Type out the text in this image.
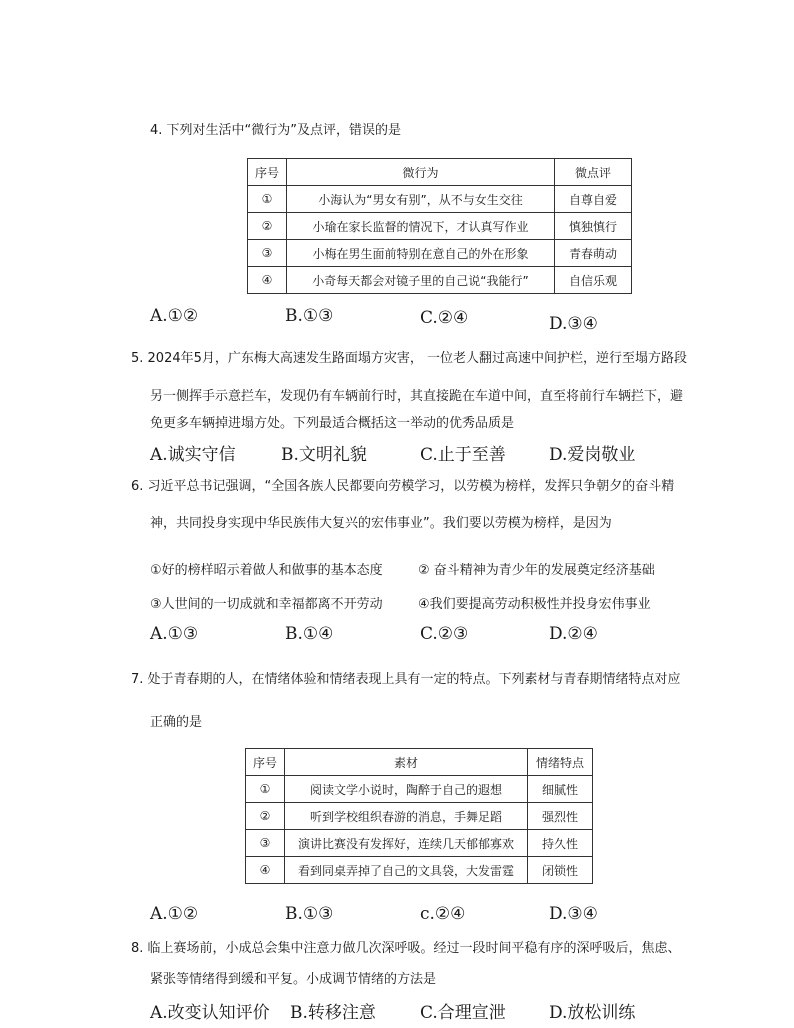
4. 下列对生活中“微行为”及点评，错误的是
序号	微行为	微点评
①	小海认为“男女有别”，从不与女生交往	自尊自爱
②	小瑜在家长监督的情况下，才认真写作业	慎独慎行
③	小梅在男生面前特别在意自己的外在形象	青春萌动
④	小奇每天都会对镜子里的自己说“我能行”	自信乐观
A.①②	B.①③	C.②④	D.③④
5. 2024年5月，广东梅大高速发生路面塌方灾害， 一位老人翻过高速中间护栏，逆行至塌方路段
另一侧挥手示意拦车，发现仍有车辆前行时，其直接跪在车道中间，直至将前行车辆拦下，避
免更多车辆掉进塌方处。下列最适合概括这一举动的优秀品质是
A.诚实守信	B.文明礼貌	C.止于至善	D.爱岗敬业
6. 习近平总书记强调，“全国各族人民都要向劳模学习，以劳模为榜样，发挥只争朝夕的奋斗精
神，共同投身实现中华民族伟大复兴的宏伟事业”。我们要以劳模为榜样，是因为
①好的榜样昭示着做人和做事的基本态度	② 奋斗精神为青少年的发展奠定经济基础
③人世间的一切成就和幸福都离不开劳动	④我们要提高劳动积极性并投身宏伟事业
A.①③	B.①④	C.②③	D.②④
7. 处于青春期的人，在情绪体验和情绪表现上具有一定的特点。下列素材与青春期情绪特点对应
正确的是
序号	素材	情绪特点
①	阅读文学小说时，陶醉于自己的遐想	细腻性
②	听到学校组织春游的消息，手舞足蹈	强烈性
③	演讲比赛没有发挥好，连续几天郁郁寡欢	持久性
④	看到同桌弄掉了自己的文具袋，大发雷霆	闭锁性
A.①②	B.①③	c.②④	D.③④
8. 临上赛场前，小成总会集中注意力做几次深呼吸。经过一段时间平稳有序的深呼吸后，焦虑、
紧张等情绪得到缓和平复。小成调节情绪的方法是
A.改变认知评价 B.转移注意	C.合理宣泄	D.放松训练
